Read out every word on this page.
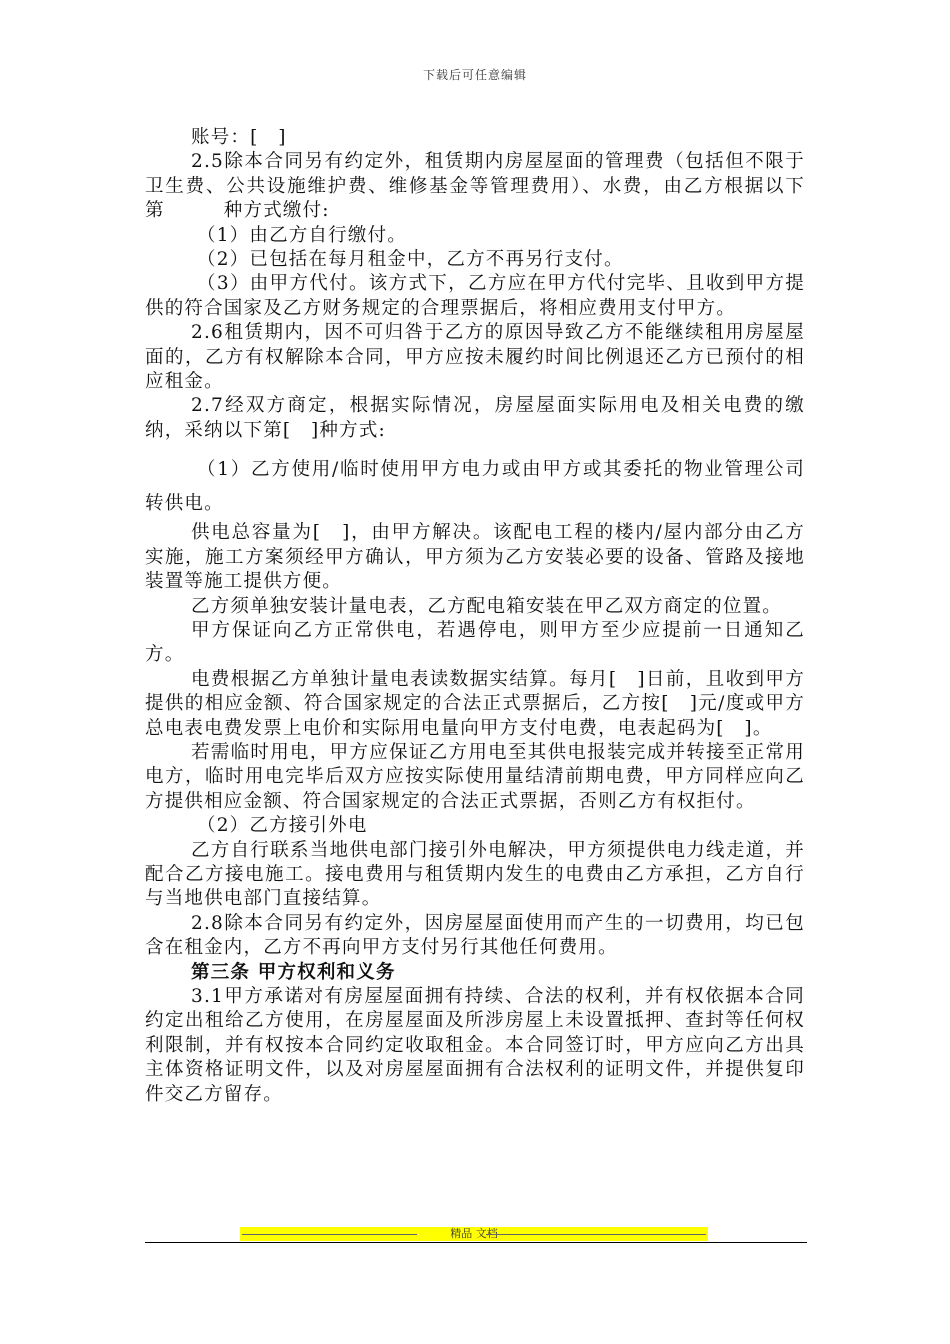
下载后可任意编辑

账号：[　]

2.5除本合同另有约定外，租赁期内房屋屋面的管理费（包括但不限于卫生费、公共设施维护费、维修基金等管理费用）、水费，由乙方根据以下第　　　种方式缴付:

（1）由乙方自行缴付。

（2）已包括在每月租金中，乙方不再另行支付。

（3）由甲方代付。该方式下，乙方应在甲方代付完毕、且收到甲方提供的符合国家及乙方财务规定的合理票据后，将相应费用支付甲方。

2.6租赁期内，因不可归咎于乙方的原因导致乙方不能继续租用房屋屋面的，乙方有权解除本合同，甲方应按未履约时间比例退还乙方已预付的相应租金。

2.7经双方商定，根据实际情况，房屋屋面实际用电及相关电费的缴纳，采纳以下第[　]种方式:

（1）乙方使用/临时使用甲方电力或由甲方或其委托的物业管理公司转供电。

供电总容量为[　]，由甲方解决。该配电工程的楼内/屋内部分由乙方实施，施工方案须经甲方确认，甲方须为乙方安装必要的设备、管路及接地装置等施工提供方便。

乙方须单独安装计量电表，乙方配电箱安装在甲乙双方商定的位置。

甲方保证向乙方正常供电，若遇停电，则甲方至少应提前一日通知乙方。

电费根据乙方单独计量电表读数据实结算。每月[　]日前，且收到甲方提供的相应金额、符合国家规定的合法正式票据后，乙方按[　]元/度或甲方总电表电费发票上电价和实际用电量向甲方支付电费，电表起码为[　]。

若需临时用电，甲方应保证乙方用电至其供电报装完成并转接至正常用电方，临时用电完毕后双方应按实际使用量结清前期电费，甲方同样应向乙方提供相应金额、符合国家规定的合法正式票据，否则乙方有权拒付。

（2）乙方接引外电

乙方自行联系当地供电部门接引外电解决，甲方须提供电力线走道，并配合乙方接电施工。接电费用与租赁期内发生的电费由乙方承担，乙方自行与当地供电部门直接结算。

2.8除本合同另有约定外，因房屋屋面使用而产生的一切费用，均已包含在租金内，乙方不再向甲方支付另行其他任何费用。

第三条 甲方权利和义务

3.1甲方承诺对有房屋屋面拥有持续、合法的权利，并有权依据本合同约定出租给乙方使用，在房屋屋面及所涉房屋上未设置抵押、查封等任何权利限制，并有权按本合同约定收取租金。本合同签订时，甲方应向乙方出具主体资格证明文件，以及对房屋屋面拥有合法权利的证明文件，并提供复印件交乙方留存。

精品 文档
